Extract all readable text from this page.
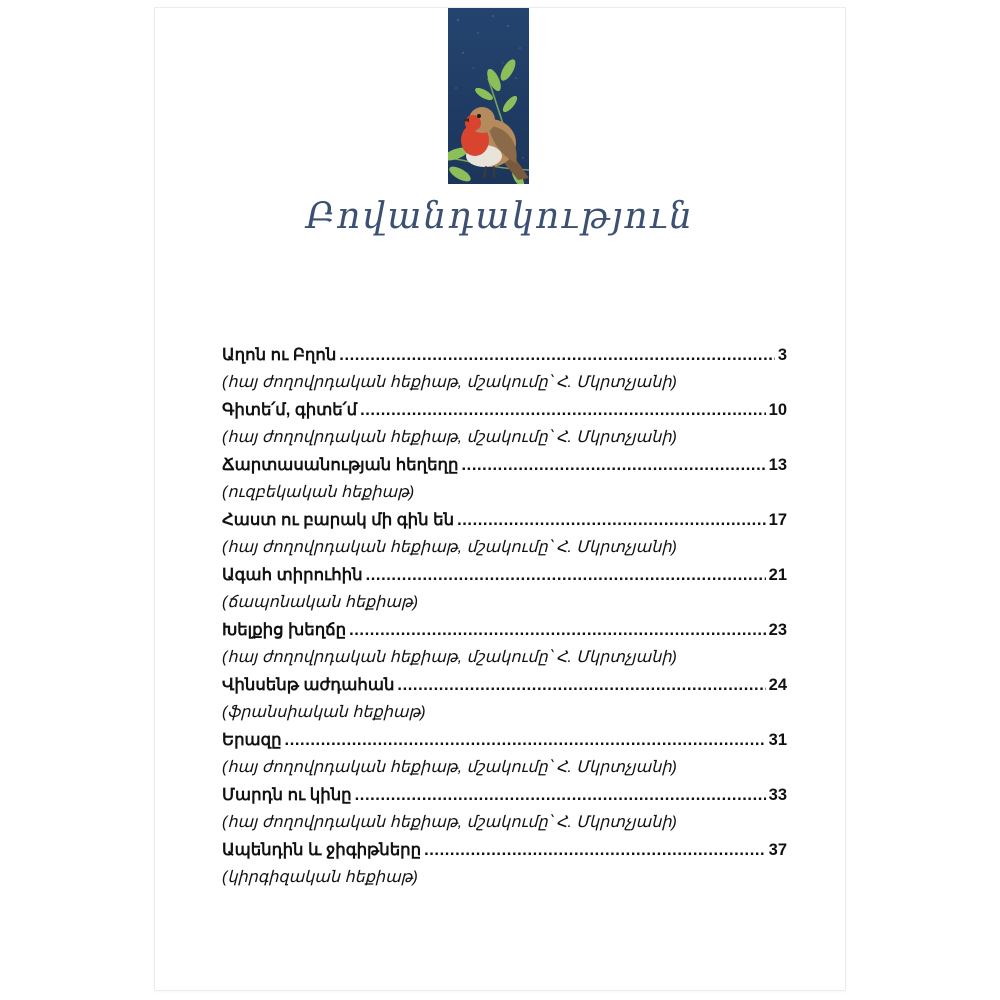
Բովանդակություն
Աղոն ու Բղոն . . .	3
(հայ ժողովրդական հեքիաթ, մշակումը՝ Հ. Մկրտչյանի)
Գիտե՛մ, գիտե՛մ . . .	10
(հայ ժողովրդական հեքիաթ, մշակումը՝ Հ. Մկրտչյանի)
Ճարտասանության հեղեղը . . .	13
(ուզբեկական հեքիաթ)
Հաստ ու բարակ մի գին են . . .	17
(հայ ժողովրդական հեքիաթ, մշակումը՝ Հ. Մկրտչյանի)
Ագահ տիրուհին . . .	21
(ճապոնական հեքիաթ)
Խելքից խեղճը . . .	23
(հայ ժողովրդական հեքիաթ, մշակումը՝ Հ. Մկրտչյանի)
Վինսենթ աժդահան . . .	24
(ֆրանսիական հեքիաթ)
Երազը . . .	31
(հայ ժողովրդական հեքիաթ, մշակումը՝ Հ. Մկրտչյանի)
Մարդն ու կինը . . .	33
(հայ ժողովրդական հեքիաթ, մշակումը՝ Հ. Մկրտչյանի)
Ապենդին և ջիգիթները . . .	37
(կիրգիզական հեքիաթ)
